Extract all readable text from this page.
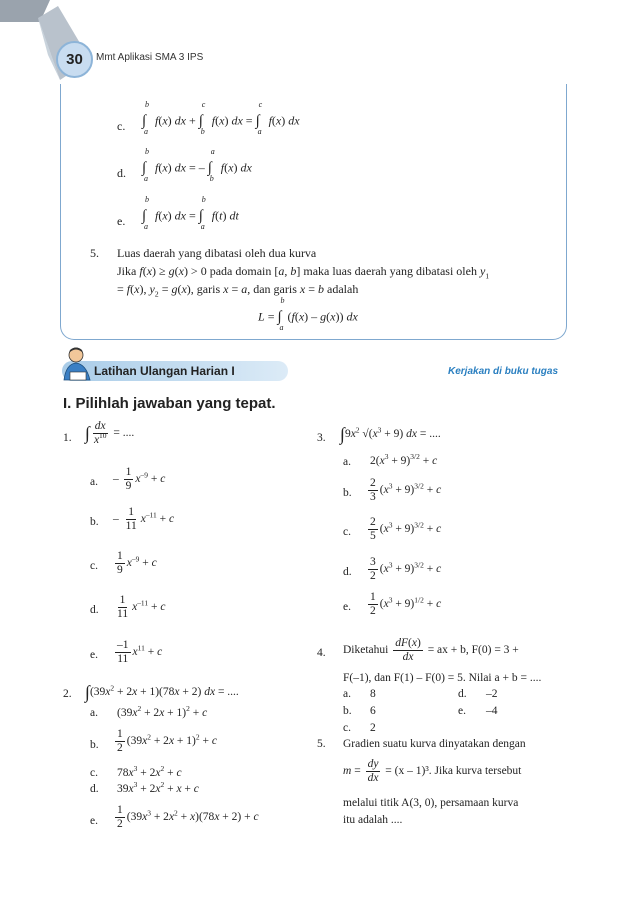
30	Mmt Aplikasi SMA 3 IPS
c. ∫
b
a
f(x) dx + ∫
c
b
f(x) dx = ∫
c
a
f(x) dx
d. ∫
b
a
f(x) dx = – ∫
a
b
f(x) dx
e. ∫
b
a
f(x) dx = ∫
b
a
f(t) dt
5. Luas daerah yang dibatasi oleh dua kurva
Jika f(x) ≥ g(x) > 0 pada domain [a, b] maka luas daerah yang dibatasi oleh $y_1$
= f(x), $y_2 = g(x)$, garis x = a, dan garis x = b adalah
L = ∫
b
a
(f(x) – g(x)) dx
Latihan Ulangan Harian I	Kerjakan di buku tugas
I. Pilihlah jawaban yang tepat.
1. ∫ $\frac{dx}{x^{10}}$ = ....
a. – $\frac{1}{9} x^{-9} + c$
b. – $\frac{1}{11} x^{-11} + c$
c. $\frac{1}{9} x^{-9} + c$
d. $\frac{1}{11} x^{-11} + c$
e. $\frac{-1}{11} x^{11} + c$
2. $\int(39x^2 + 2x + 1)(78x + 2)$ dx = ....
a. $(39x^2 + 2x + 1)^2 + c$
b. $\frac{1}{2} (39x^2 + 2x + 1)^2 + c$
c. $78x^3 + 2x^2 + c$
d. $39x^3 + 2x^2 + x + c$
e. $\frac{1}{2} (39x^3 + 2x^2 + x)(78x + 2) + c$
3. $\int 9x^2$ $√(x^3 + 9)$ dx = ....
a. $2(x^3 + 9)^{3/2} + c$
b. $\frac{2}{3} (x^3 + 9)^{3/2} + c$
c. $\frac{2}{5} (x^3 + 9)^{3/2} + c$
d. $\frac{3}{2} (x^3 + 9)^{3/2} + c$
e. $\frac{1}{2} (x^3 + 9)^{1/2} + c$
4. Diketahui $\frac{dF(x)}{dx}$ = ax + b, F(0) = 3 +
F(–1), dan F(1) – F(0) = 5. Nilai a + b = ....
a. 8
b. 6
c. 2
d. –2
e. –4
5. Gradien suatu kurva dinyatakan dengan
$m = \frac{dy}{dx} = (x - 1)^3$. Jika kurva tersebut
melalui titik A(3, 0), persamaan kurva
itu adalah ....
